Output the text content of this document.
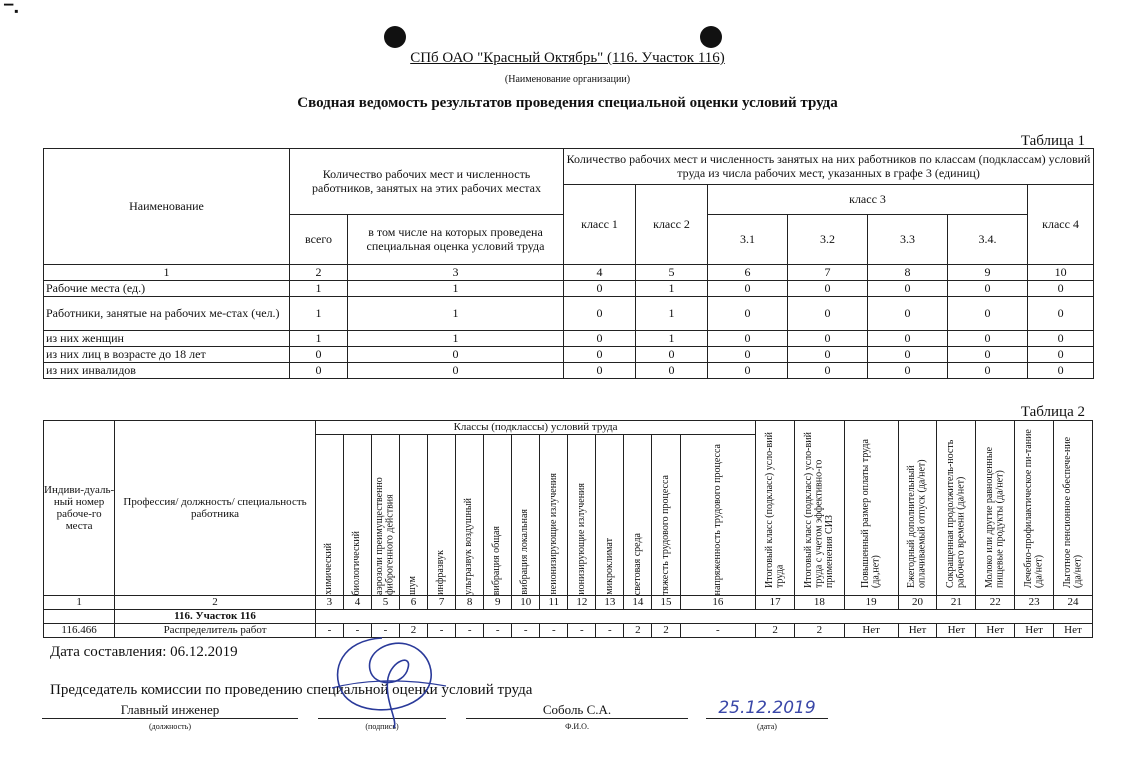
▔ ▪
СПб ОАО "Красный Октябрь" (116. Участок 116)
(Наименование организации)
Сводная ведомость результатов проведения специальной оценки условий труда
Таблица 1
Наименование	Количество рабочих мест и численность работников, занятых на этих рабочих местах		Количество рабочих мест и численность занятых на них работников по классам (подклассам) условий труда из числа рабочих мест, указанных в графе 3 (единиц)						
			класс 1	класс 2	класс 3				класс 4
	всего	в том числе на которых проведена специальная оценка условий труда			3.1	3.2	3.3	3.4.	
1	2	3	4	5	6	7	8	9	10
Рабочие места (ед.)	1	1	0	1	0	0	0	0	0
Работники, занятые на рабочих ме-стах (чел.)	1	1	0	1	0	0	0	0	0
из них женщин	1	1	0	1	0	0	0	0	0
из них лиц в возрасте до 18 лет	0	0	0	0	0	0	0	0	0
из них инвалидов	0	0	0	0	0	0	0	0	0
Таблица 2
Индиви-дуаль-ный номер рабоче-го места	Профессия/ должность/ специальность работника	Классы (подклассы) условий труда														Итоговый класс (подкласс) усло-вий труда	Итоговый класс (подкласс) усло-вий труда с учетом эффективно-го применения СИЗ	Повышенный размер оплаты труда (да,нет)	Ежегодный дополнительный оплачиваемый отпуск (да/нет)	Сокращенная продолжитель-ность рабочего времени (да/нет)	Молоко или другие равноценные пищевые продукты (да/нет)	Лечебно-профилактическое пи-тание (да/нет)	Льготное пенсионное обеспече-ние (да/нет)

		химический	биологический	аэрозоли преимущественно фиброгенного действия	шум	инфразвук	ультразвук воздушный	вибрация общая	вибрация локальная	неионизирующие излучения	ионизирующие излучения	микроклимат	световая среда	тяжесть трудового процесса	напряженность трудового процесса								

1	2	3	4	5	6	7	8	9	10	11	12	13	14	15	16	17	18	19	20	21	22	23	24
	116. Участок 116																						
116.466	Распределитель работ	-	-	-	2	-	-	-	-	-	-	-	2	2	-	2	2	Нет	Нет	Нет	Нет	Нет	Нет
Дата составления: 06.12.2019
Председатель комиссии по проведению специальной оценки условий труда
Главный инженер
(должность)	(подпись)
Соболь С.А.
Ф.И.О.
25.12.2019
(дата)
